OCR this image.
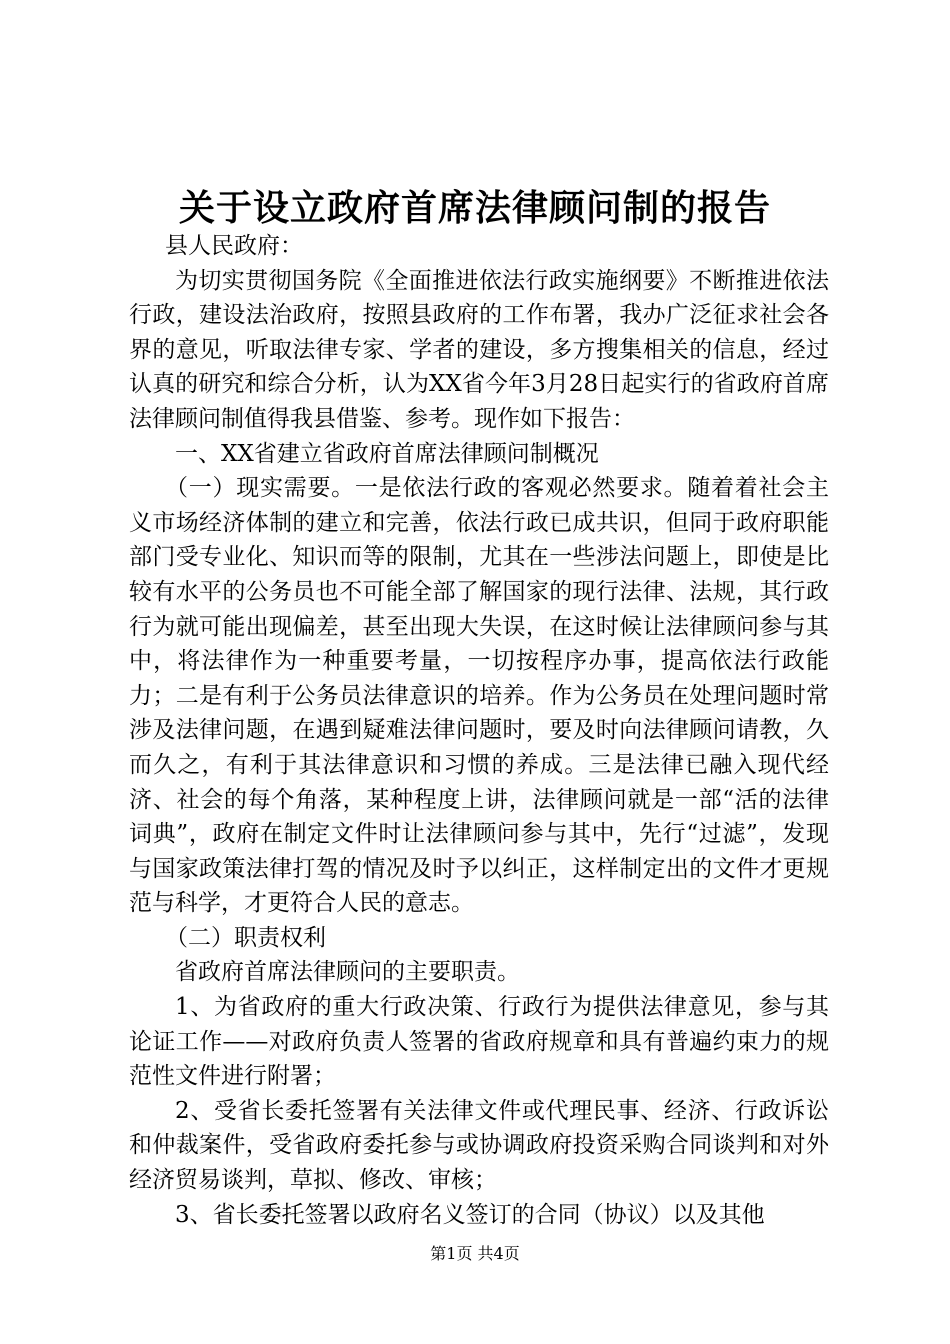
关于设立政府首席法律顾问制的报告

县人民政府：

为切实贯彻国务院《全面推进依法行政实施纲要》不断推进依法行政，建设法治政府，按照县政府的工作布署，我办广泛征求社会各界的意见，听取法律专家、学者的建设，多方搜集相关的信息，经过认真的研究和综合分析，认为XX省今年3月28日起实行的省政府首席法律顾问制值得我县借鉴、参考。现作如下报告：

一、XX省建立省政府首席法律顾问制概况

（一）现实需要。一是依法行政的客观必然要求。随着着社会主义市场经济体制的建立和完善，依法行政已成共识，但同于政府职能部门受专业化、知识而等的限制，尤其在一些涉法问题上，即使是比较有水平的公务员也不可能全部了解国家的现行法律、法规，其行政行为就可能出现偏差，甚至出现大失误，在这时候让法律顾问参与其中，将法律作为一种重要考量，一切按程序办事，提高依法行政能力；二是有利于公务员法律意识的培养。作为公务员在处理问题时常涉及法律问题，在遇到疑难法律问题时，要及时向法律顾问请教，久而久之，有利于其法律意识和习惯的养成。三是法律已融入现代经济、社会的每个角落，某种程度上讲，法律顾问就是一部“活的法律词典”，政府在制定文件时让法律顾问参与其中，先行“过滤”，发现与国家政策法律打驾的情况及时予以纠正，这样制定出的文件才更规范与科学，才更符合人民的意志。

（二）职责权利

省政府首席法律顾问的主要职责。

1、为省政府的重大行政决策、行政行为提供法律意见，参与其论证工作——对政府负责人签署的省政府规章和具有普遍约束力的规范性文件进行附署；

2、受省长委托签署有关法律文件或代理民事、经济、行政诉讼和仲裁案件，受省政府委托参与或协调政府投资采购合同谈判和对外经济贸易谈判，草拟、修改、审核；

3、省长委托签署以政府名义签订的合同（协议）以及其他

第1页 共4页
